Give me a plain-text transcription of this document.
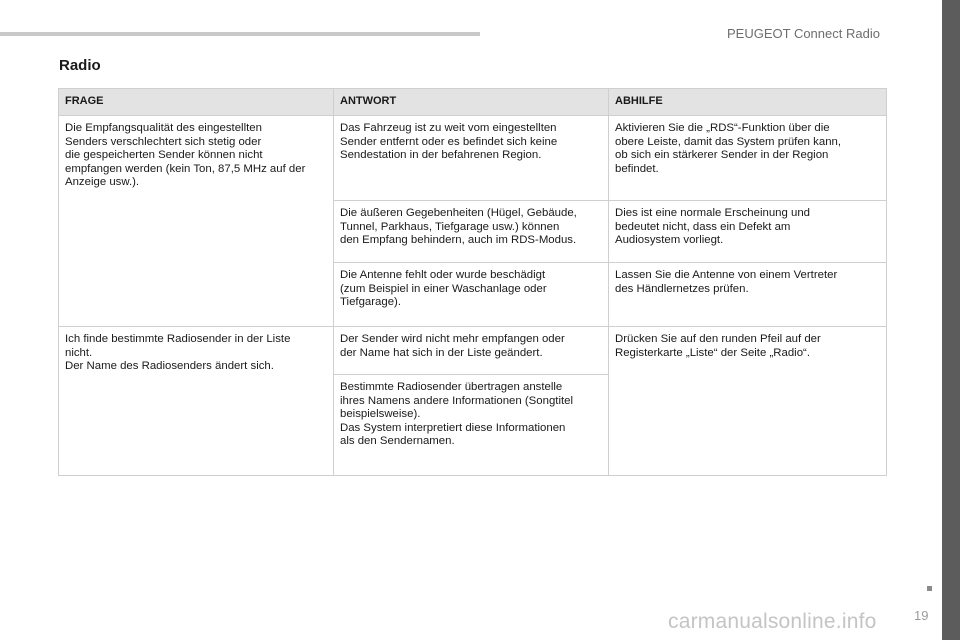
PEUGEOT Connect Radio
19
Radio
FRAGE	ANTWORT	ABHILFE

Die Empfangsqualität des eingestellten
Senders verschlechtert sich stetig oder
die gespeicherten Sender können nicht
empfangen werden (kein Ton, 87,5 MHz auf der
Anzeige usw.).	Das Fahrzeug ist zu weit vom eingestellten
Sender entfernt oder es befindet sich keine
Sendestation in der befahrenen Region.	Aktivieren Sie die „RDS“-Funktion über die
obere Leiste, damit das System prüfen kann,
ob sich ein stärkerer Sender in der Region
befindet.

	Die äußeren Gegebenheiten (Hügel, Gebäude,
Tunnel, Parkhaus, Tiefgarage usw.) können
den Empfang behindern, auch im RDS-Modus.	Dies ist eine normale Erscheinung und
bedeutet nicht, dass ein Defekt am
Audiosystem vorliegt.

	Die Antenne fehlt oder wurde beschädigt
(zum Beispiel in einer Waschanlage oder
Tiefgarage).	Lassen Sie die Antenne von einem Vertreter
des Händlernetzes prüfen.

Ich finde bestimmte Radiosender in der Liste
nicht.
Der Name des Radiosenders ändert sich.	Der Sender wird nicht mehr empfangen oder
der Name hat sich in der Liste geändert.	Drücken Sie auf den runden Pfeil auf der
Registerkarte „Liste“ der Seite „Radio“.

	Bestimmte Radiosender übertragen anstelle
ihres Namens andere Informationen (Songtitel
beispielsweise).
Das System interpretiert diese Informationen
als den Sendernamen.	
carmanualsonline.info
